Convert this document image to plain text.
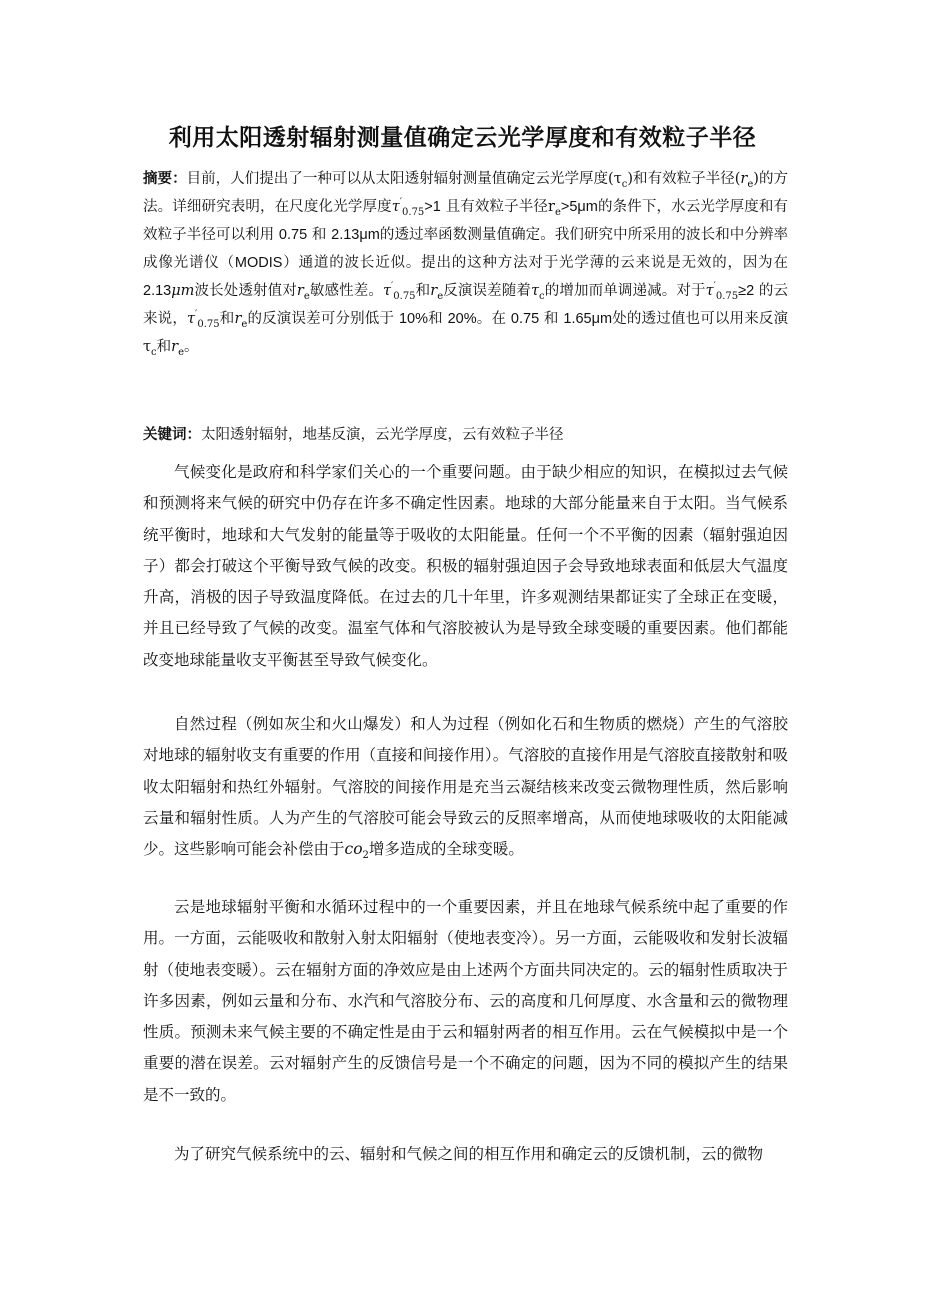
利用太阳透射辐射测量值确定云光学厚度和有效粒子半径
摘要：目前，人们提出了一种可以从太阳透射辐射测量值确定云光学厚度$(\tau_c)$和有效粒子半径$(r_e)$的方法。详细研究表明，在尺度化光学厚度$\tau'_{0.75}>1$ 且有效粒子半径$r_e>5\mu m$的条件下，水云光学厚度和有效粒子半径可以利用 0.75 和 2.13μm的透过率函数测量值确定。我们研究中所采用的波长和中分辨率成像光谱仪（MODIS）通道的波长近似。提出的这种方法对于光学薄的云来说是无效的，因为在 2.13μm波长处透射值对$r_e$敏感性差。$\tau'_{0.75}$和$r_e$反演误差随着$\tau_c$的增加而单调递减。对于$\tau'_{0.75}\ge 2$ 的云来说，$\tau'_{0.75}$和$r_e$的反演误差可分别低于 10%和 20%。在 0.75 和 1.65μm处的透过值也可以用来反演$\tau_c$和$r_e$。
关键词：太阳透射辐射，地基反演，云光学厚度，云有效粒子半径

气候变化是政府和科学家们关心的一个重要问题。由于缺少相应的知识，在模拟过去气候和预测将来气候的研究中仍存在许多不确定性因素。地球的大部分能量来自于太阳。当气候系统平衡时，地球和大气发射的能量等于吸收的太阳能量。任何一个不平衡的因素（辐射强迫因子）都会打破这个平衡导致气候的改变。积极的辐射强迫因子会导致地球表面和低层大气温度升高，消极的因子导致温度降低。在过去的几十年里，许多观测结果都证实了全球正在变暖，并且已经导致了气候的改变。温室气体和气溶胶被认为是导致全球变暖的重要因素。他们都能改变地球能量收支平衡甚至导致气候变化。

自然过程（例如灰尘和火山爆发）和人为过程（例如化石和生物质的燃烧）产生的气溶胶对地球的辐射收支有重要的作用（直接和间接作用）。气溶胶的直接作用是气溶胶直接散射和吸收太阳辐射和热红外辐射。气溶胶的间接作用是充当云凝结核来改变云微物理性质，然后影响云量和辐射性质。人为产生的气溶胶可能会导致云的反照率增高，从而使地球吸收的太阳能减少。这些影响可能会补偿由于$co_2$增多造成的全球变暖。

云是地球辐射平衡和水循环过程中的一个重要因素，并且在地球气候系统中起了重要的作用。一方面，云能吸收和散射入射太阳辐射（使地表变冷）。另一方面，云能吸收和发射长波辐射（使地表变暖）。云在辐射方面的净效应是由上述两个方面共同决定的。云的辐射性质取决于许多因素，例如云量和分布、水汽和气溶胶分布、云的高度和几何厚度、水含量和云的微物理性质。预测未来气候主要的不确定性是由于云和辐射两者的相互作用。云在气候模拟中是一个重要的潜在误差。云对辐射产生的反馈信号是一个不确定的问题，因为不同的模拟产生的结果是不一致的。

为了研究气候系统中的云、辐射和气候之间的相互作用和确定云的反馈机制，云的微物
